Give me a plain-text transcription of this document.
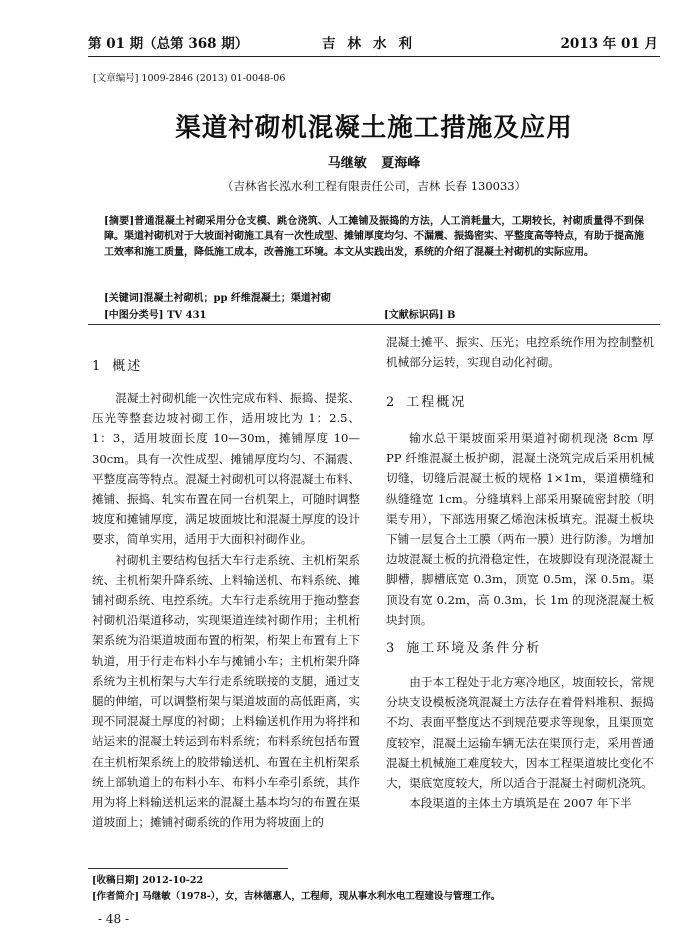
第 01 期（总第 368 期）	吉林水利	2013 年 01 月
[文章编号] 1009-2846 (2013) 01-0048-06
渠道衬砌机混凝土施工措施及应用
马继敏 夏海峰
（吉林省长泓水利工程有限责任公司，吉林 长春 130033）
[摘要]普通混凝土衬砌采用分仓支模、跳仓浇筑、人工摊铺及振捣的方法，人工消耗量大，工期较长，衬砌质量得不到保障。渠道衬砌机对于大坡面衬砌施工具有一次性成型、摊铺厚度均匀、不漏震、振捣密实、平整度高等特点，有助于提高施工效率和施工质量，降低施工成本，改善施工环境。本文从实践出发，系统的介绍了混凝土衬砌机的实际应用。
[关键词]混凝土衬砌机；pp 纤维混凝土；渠道衬砌
[中图分类号] TV 431	[文献标识码] B
1 概述

混凝土衬砌机能一次性完成布料、振捣、提浆、压光等整套边坡衬砌工作，适用坡比为 1：2.5、1：3，适用坡面长度 10—30m，摊铺厚度 10—30cm。具有一次性成型、摊铺厚度均匀、不漏震、平整度高等特点。混凝土衬砌机可以将混凝土布料、摊铺、振捣、轧实布置在同一台机架上，可随时调整坡度和摊铺厚度，满足坡面坡比和混凝土厚度的设计要求，简单实用，适用于大面积衬砌作业。

衬砌机主要结构包括大车行走系统、主机桁架系统、主机桁架升降系统、上料输送机、布料系统、摊铺衬砌系统、电控系统。大车行走系统用于拖动整套衬砌机沿渠道移动，实现渠道连续衬砌作用；主机桁架系统为沿渠道坡面布置的桁架，桁架上布置有上下轨道，用于行走布料小车与摊铺小车；主机桁架升降系统为主机桁架与大车行走系统联接的支腿，通过支腿的伸缩，可以调整桁架与渠道坡面的高低距离，实现不同混凝土厚度的衬砌；上料输送机作用为将拌和站运来的混凝土转运到布料系统；布料系统包括布置在主机桁架系统上的胶带输送机、布置在主机桁架系统上部轨道上的布料小车、布料小车牵引系统，其作用为将上料输送机运来的混凝土基本均匀的布置在渠道坡面上；摊铺衬砌系统的作用为将坡面上的

混凝土摊平、振实、压光；电控系统作用为控制整机机械部分运转，实现自动化衬砌。

2 工程概况

输水总干渠坡面采用渠道衬砌机现浇 8cm 厚 PP 纤维混凝土板护砌，混凝土浇筑完成后采用机械切缝，切缝后混凝土板的规格 1×1m，渠道横缝和纵缝缝宽 1cm。分缝填料上部采用聚硫密封胶（明渠专用），下部选用聚乙烯泡沫板填充。混凝土板块下铺一层复合土工膜（两布一膜）进行防渗。为增加边坡混凝土板的抗滑稳定性，在坡脚设有现浇混凝土脚槽，脚槽底宽 0.3m，顶宽 0.5m，深 0.5m。渠顶设有宽 0.2m，高 0.3m，长 1m 的现浇混凝土板块封顶。

3 施工环境及条件分析

由于本工程处于北方寒冷地区，坡面较长，常规分块支设模板浇筑混凝土方法存在着骨料堆积、振捣不均、表面平整度达不到规范要求等现象，且渠顶宽度较窄，混凝土运输车辆无法在渠顶行走，采用普通混凝土机械施工难度较大，因本工程渠道坡比变化不大，渠底宽度较大，所以适合于混凝土衬砌机浇筑。

本段渠道的主体土方填筑是在 2007 年下半

[收稿日期] 2012-10-22
[作者简介] 马继敏（1978-），女，吉林德惠人，工程师，现从事水利水电工程建设与管理工作。
- 48 -
